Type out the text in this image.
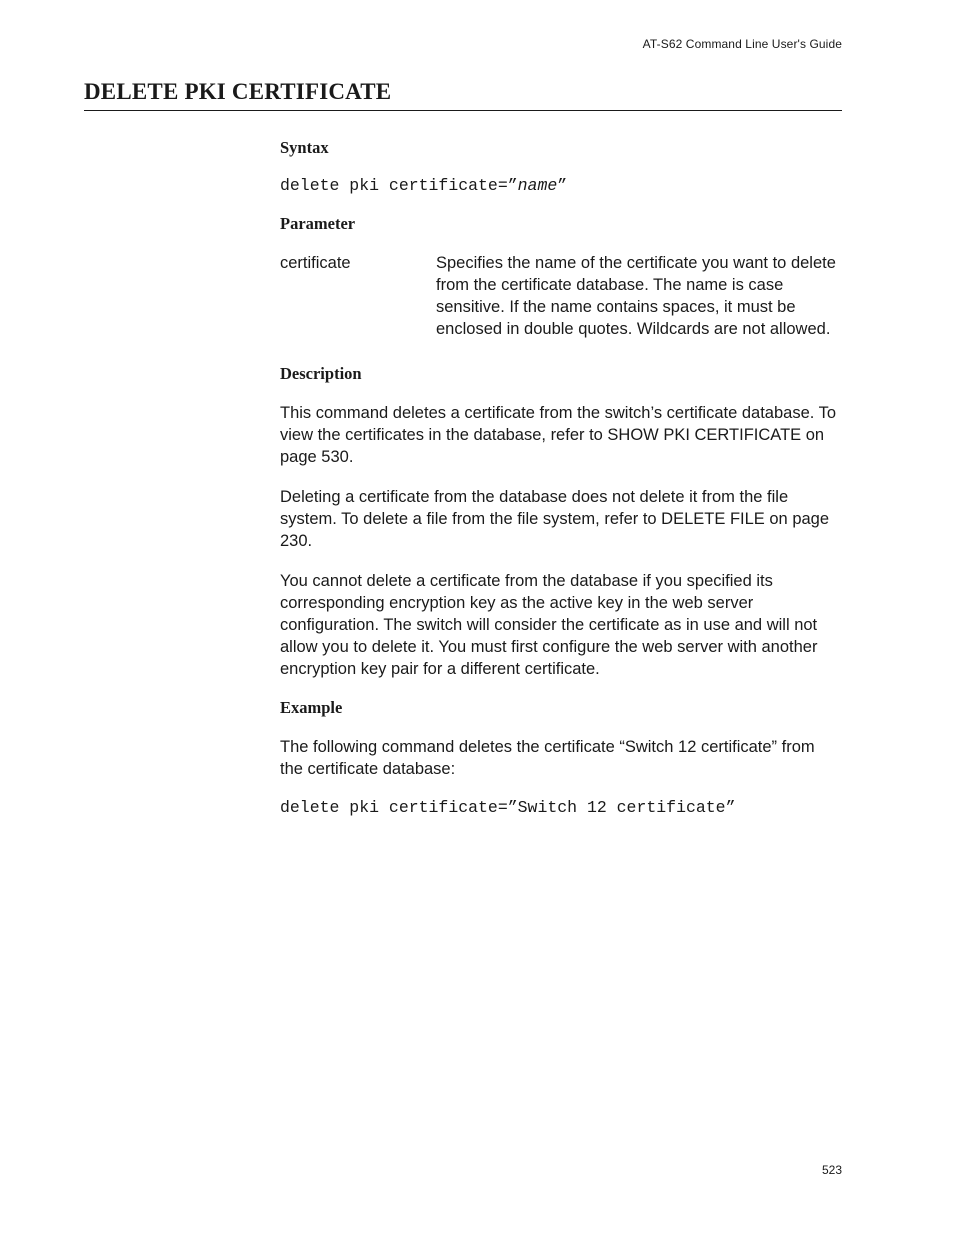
AT-S62 Command Line User's Guide
DELETE PKI CERTIFICATE
Syntax
delete pki certificate=”name”
Parameter
certificate	Specifies the name of the certificate you want to delete from the certificate database. The name is case sensitive. If the name contains spaces, it must be enclosed in double quotes. Wildcards are not allowed.
Description

This command deletes a certificate from the switch’s certificate database. To view the certificates in the database, refer to SHOW PKI CERTIFICATE on page 530.

Deleting a certificate from the database does not delete it from the file system. To delete a file from the file system, refer to DELETE FILE on page 230.

You cannot delete a certificate from the database if you specified its corresponding encryption key as the active key in the web server configuration. The switch will consider the certificate as in use and will not allow you to delete it. You must first configure the web server with another encryption key pair for a different certificate.

Example

The following command deletes the certificate “Switch 12 certificate” from the certificate database:

delete pki certificate=”Switch 12 certificate”
523
